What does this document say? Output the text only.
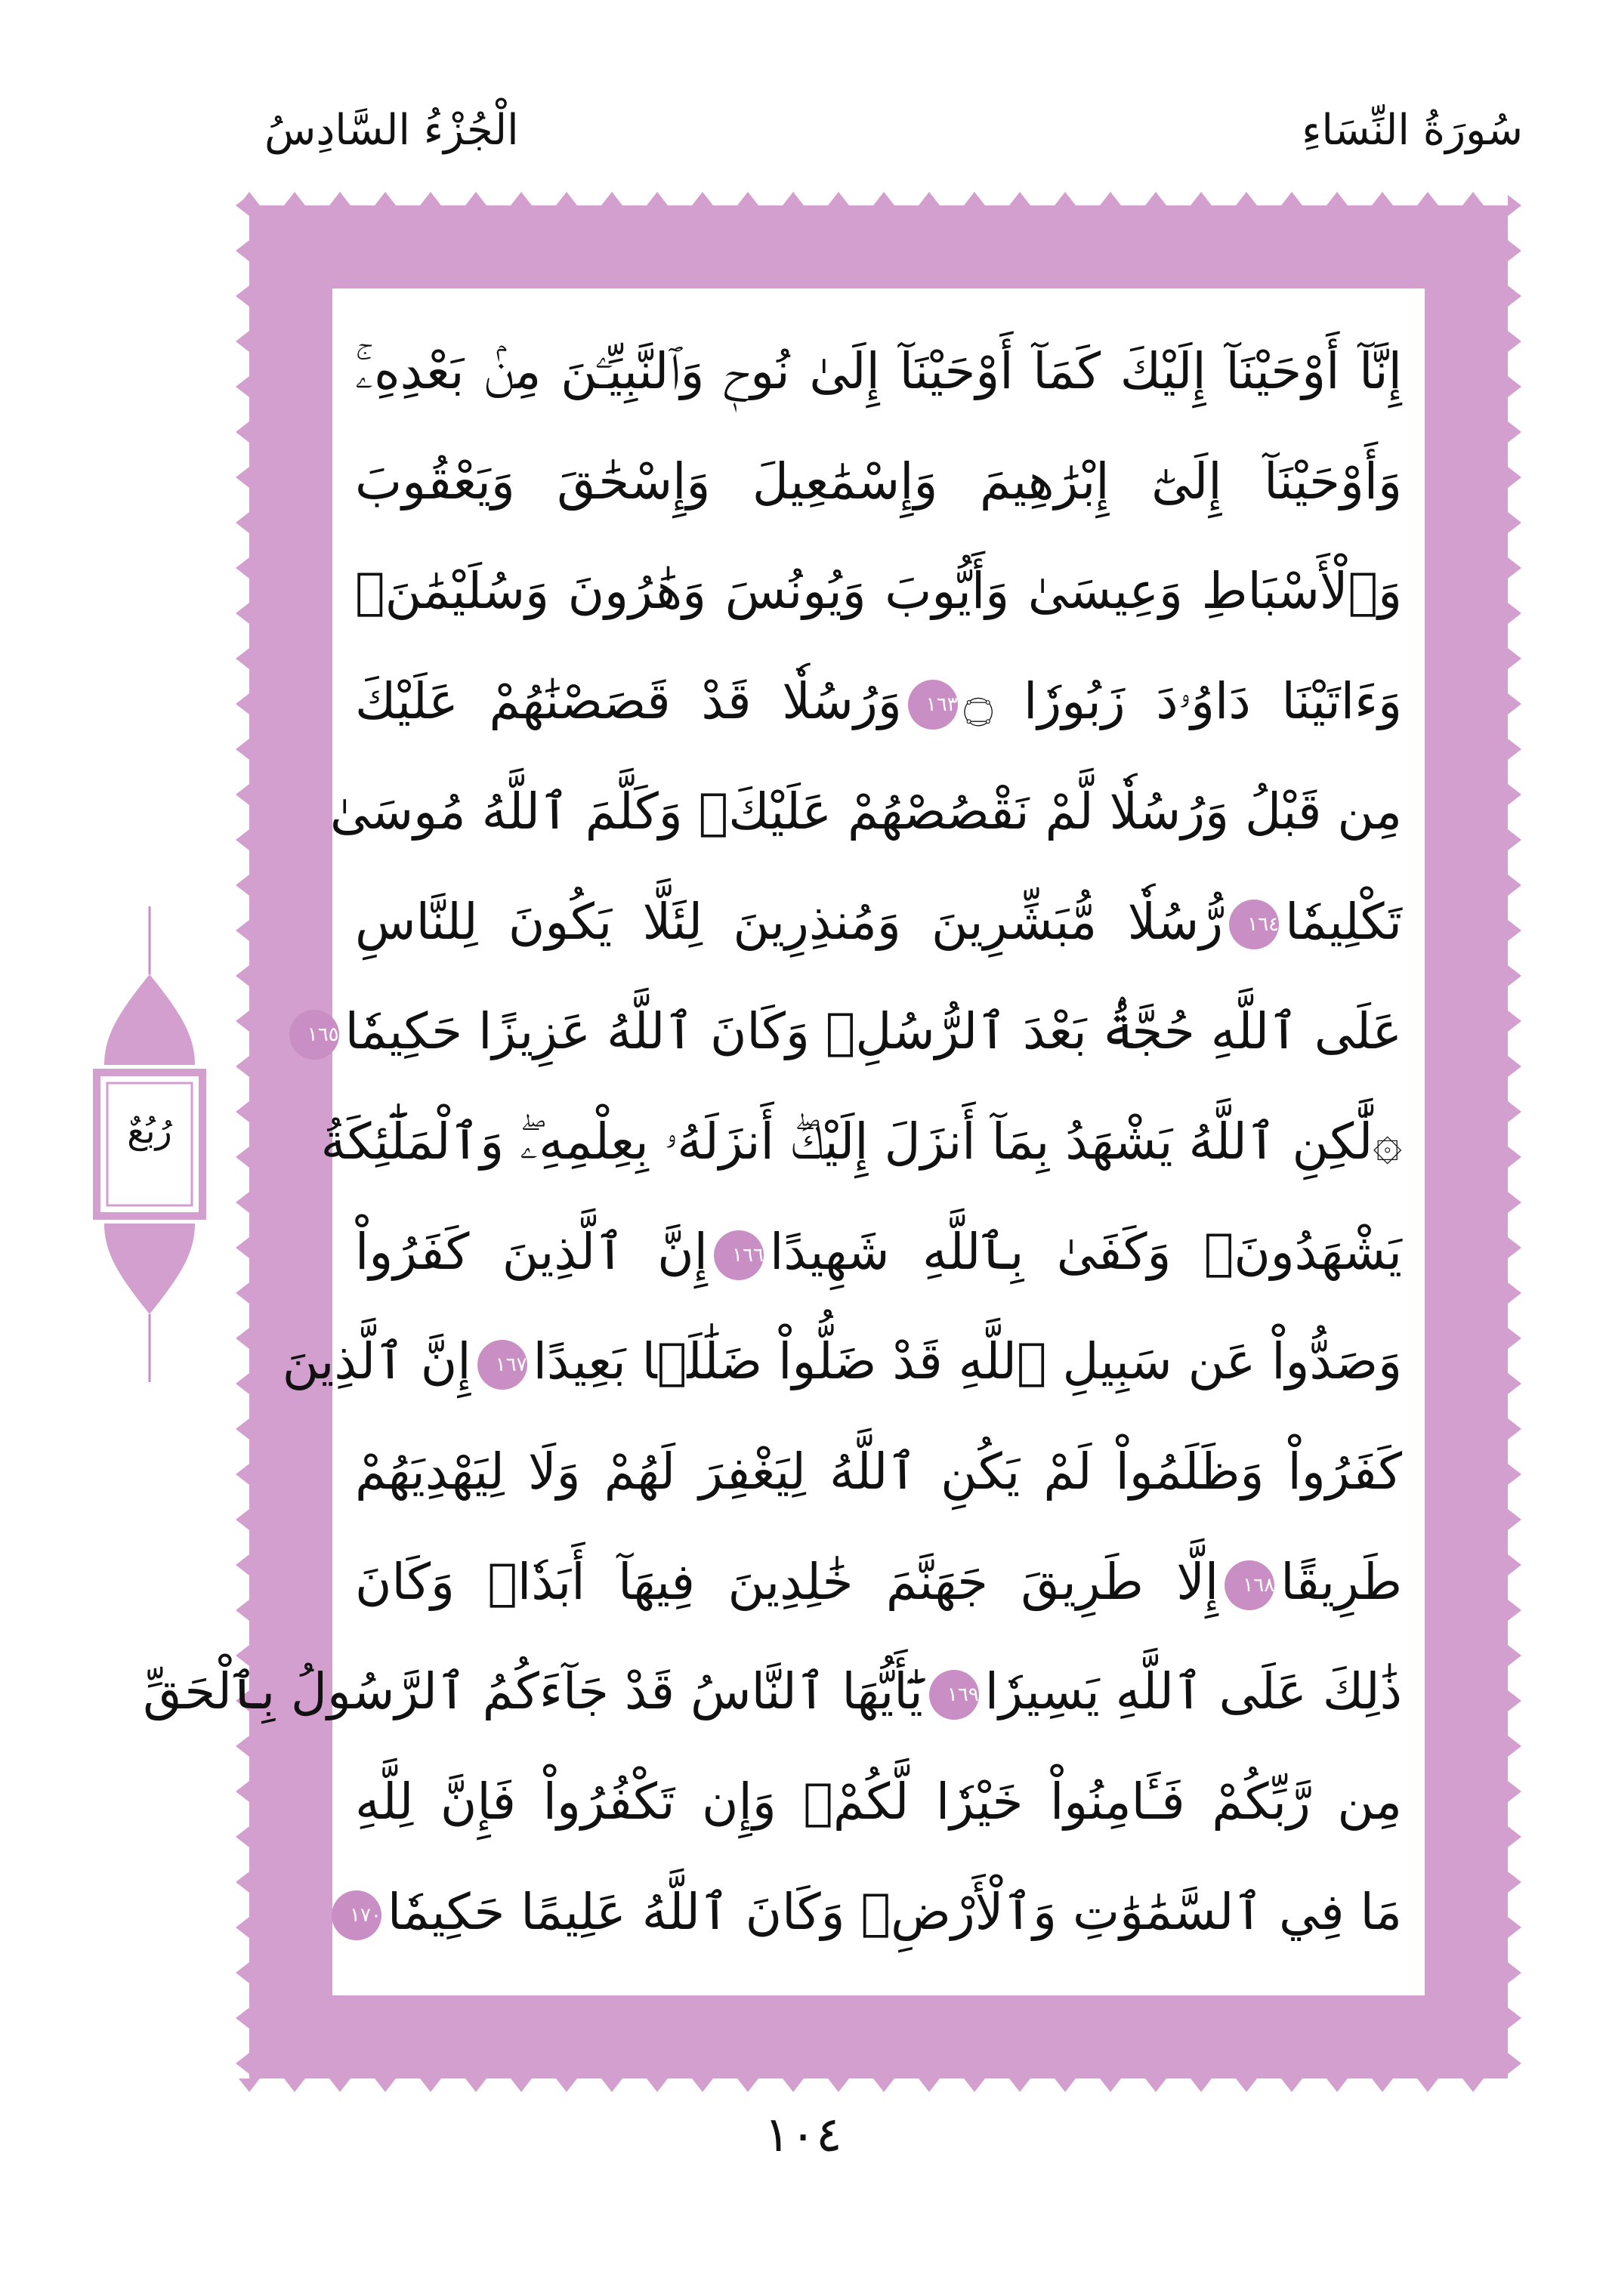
سُورَةُ النِّسَاءِ
الْجُزْءُ السَّادِسُ
إِنَّآ أَوْحَيْنَآ إِلَيْكَ كَمَآ أَوْحَيْنَآ إِلَىٰ نُوحٖ وَٱلنَّبِيِّـۧنَ مِنۢ بَعْدِهِۦۚ
وَأَوْحَيْنَآ إِلَىٰٓ إِبْرَٰهِيمَ وَإِسْمَٰعِيلَ وَإِسْحَٰقَ وَيَعْقُوبَ
وَٱلْأَسْبَاطِ وَعِيسَىٰ وَأَيُّوبَ وَيُونُسَ وَهَٰرُونَ وَسُلَيْمَٰنَۚ
وَءَاتَيْنَا دَاوُۥدَ زَبُورٗا ۝١٦٣وَرُسُلٗا قَدْ قَصَصْنَٰهُمْ عَلَيْكَ
مِن قَبْلُ وَرُسُلٗا لَّمْ نَقْصُصْهُمْ عَلَيْكَۚ وَكَلَّمَ ٱللَّهُ مُوسَىٰ
تَكْلِيمٗا١٦٤رُّسُلٗا مُّبَشِّرِينَ وَمُنذِرِينَ لِئَلَّا يَكُونَ لِلنَّاسِ
عَلَى ٱللَّهِ حُجَّةُۢ بَعْدَ ٱلرُّسُلِۚ وَكَانَ ٱللَّهُ عَزِيزًا حَكِيمٗا١٦٥
۞لَّٰكِنِ ٱللَّهُ يَشْهَدُ بِمَآ أَنزَلَ إِلَيْكَۖ أَنزَلَهُۥ بِعِلْمِهِۦۖ وَٱلْمَلَٰٓئِكَةُ
يَشْهَدُونَۚ وَكَفَىٰ بِٱللَّهِ شَهِيدًا١٦٦إِنَّ ٱلَّذِينَ كَفَرُواْ
وَصَدُّواْ عَن سَبِيلِ ٱللَّهِ قَدْ ضَلُّواْ ضَلَٰلَۢا بَعِيدًا١٦٧إِنَّ ٱلَّذِينَ
كَفَرُواْ وَظَلَمُواْ لَمْ يَكُنِ ٱللَّهُ لِيَغْفِرَ لَهُمْ وَلَا لِيَهْدِيَهُمْ
طَرِيقًا١٦٨إِلَّا طَرِيقَ جَهَنَّمَ خَٰلِدِينَ فِيهَآ أَبَدٗاۚ وَكَانَ
ذَٰلِكَ عَلَى ٱللَّهِ يَسِيرٗا١٦٩يَٰٓأَيُّهَا ٱلنَّاسُ قَدْ جَآءَكُمُ ٱلرَّسُولُ بِٱلْحَقِّ
مِن رَّبِّكُمْ فَـَٔامِنُواْ خَيْرٗا لَّكُمْۚ وَإِن تَكْفُرُواْ فَإِنَّ لِلَّهِ
مَا فِي ٱلسَّمَٰوَٰتِ وَٱلْأَرْضِۚ وَكَانَ ٱللَّهُ عَلِيمًا حَكِيمٗا١٧٠
رُبُعٌ
١٠٤
